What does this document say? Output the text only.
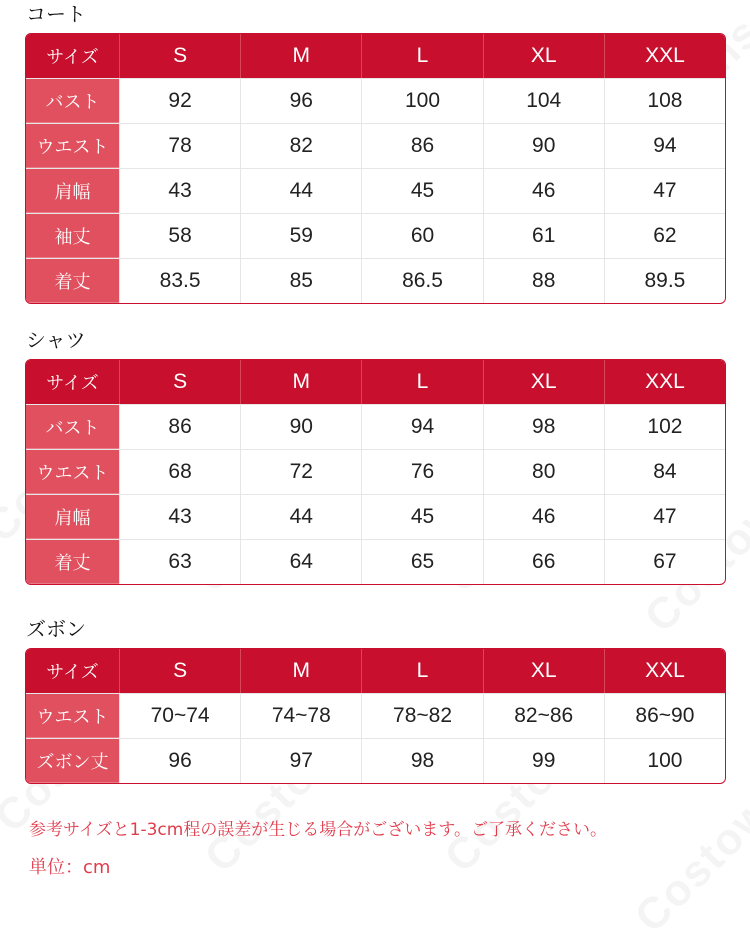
コート
サイズ	S	M	L	XL	XXL
バスト	92	96	100	104	108
ウエスト	78	82	86	90	94
肩幅	43	44	45	46	47
袖丈	58	59	60	61	62
着丈	83.5	85	86.5	88	89.5
シャツ
サイズ	S	M	L	XL	XXL
バスト	86	90	94	98	102
ウエスト	68	72	76	80	84
肩幅	43	44	45	46	47
着丈	63	64	65	66	67
ズボン
サイズ	S	M	L	XL	XXL
ウエスト	70~74	74~78	78~82	82~86	86~90
ズボン丈	96	97	98	99	100
参考サイズと1-3cm程の誤差が生じる場合がございます。ご了承ください。
単位：cm
